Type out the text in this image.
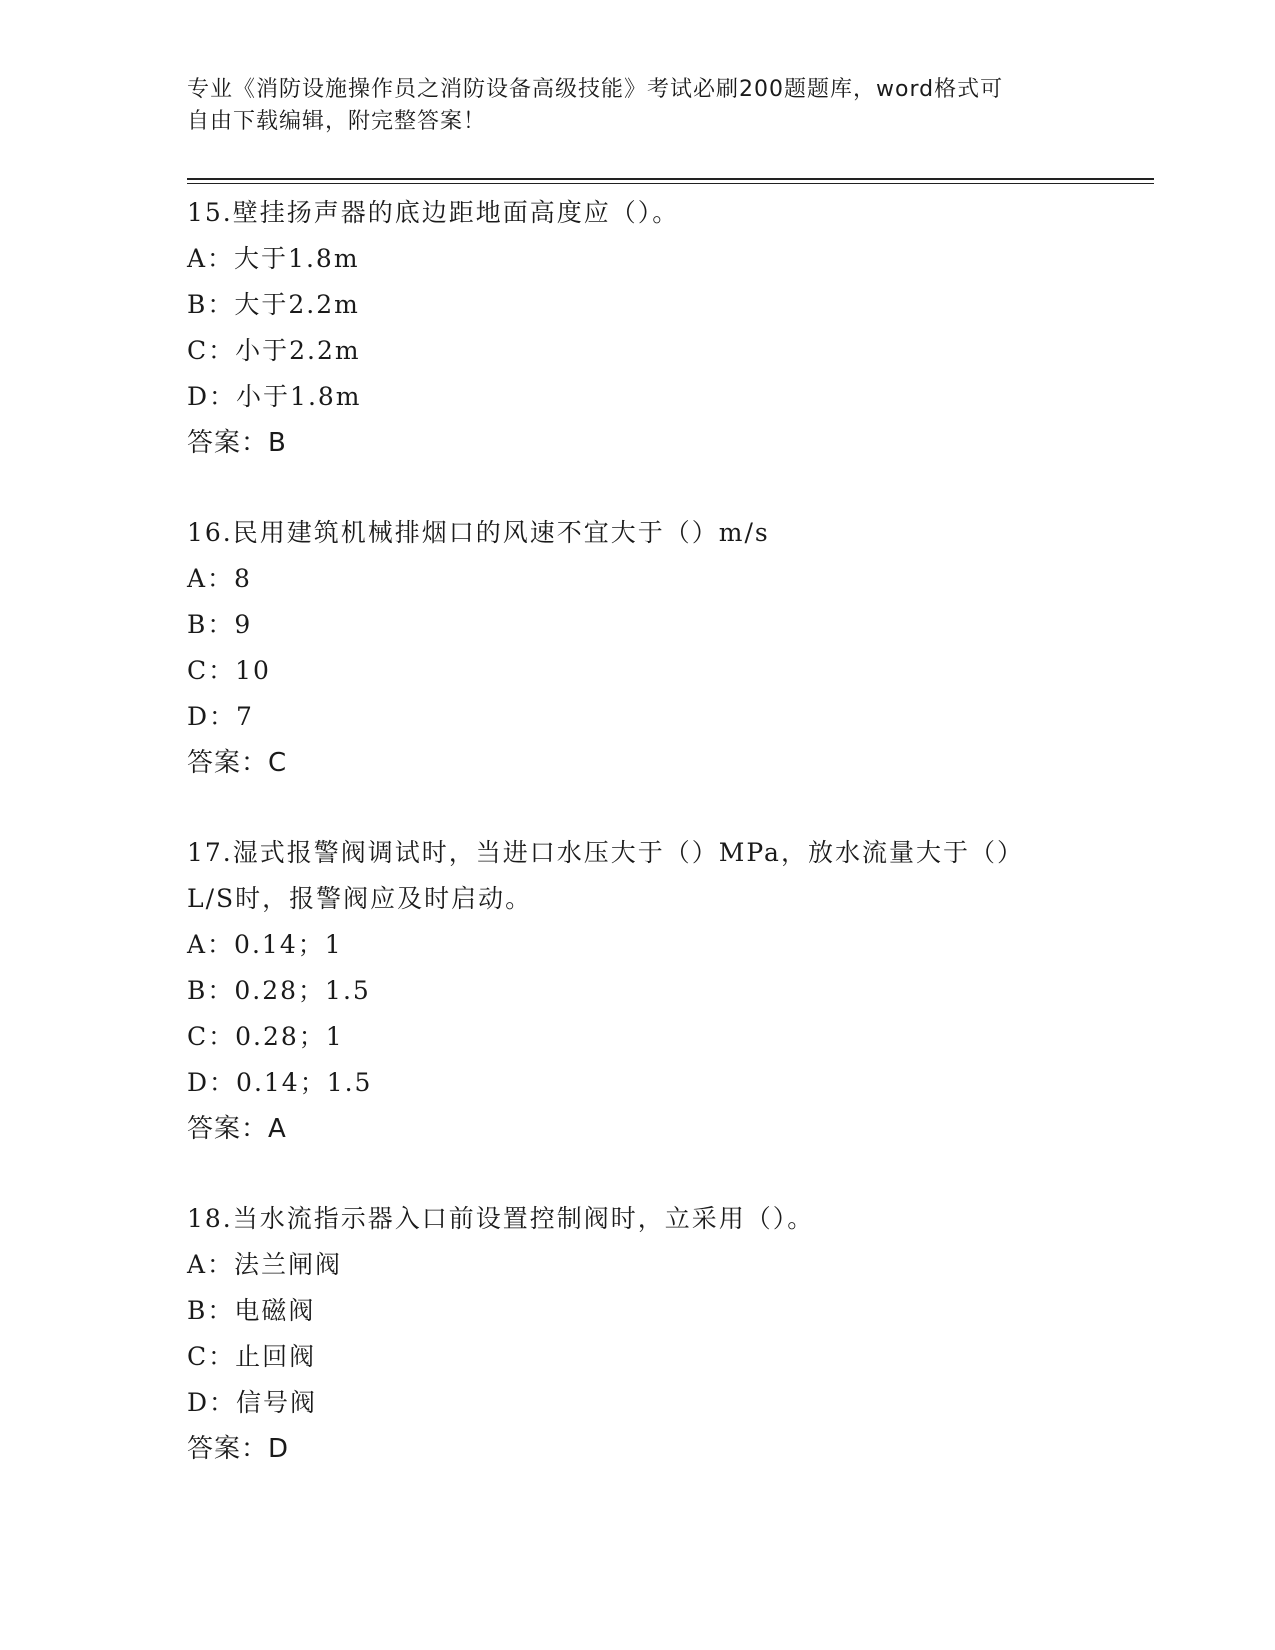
专业《消防设施操作员之消防设备高级技能》考试必刷200题题库，word格式可
自由下载编辑，附完整答案！
15.壁挂扬声器的底边距地面高度应（）。
A：大于1.8m
B：大于2.2m
C：小于2.2m
D：小于1.8m
答案：B
16.民用建筑机械排烟口的风速不宜大于（）m/s
A：8
B：9
C：10
D：7
答案：C
17.湿式报警阀调试时，当进口水压大于（）MPa，放水流量大于（）
L/S时，报警阀应及时启动。
A：0.14；1
B：0.28；1.5
C：0.28；1
D：0.14；1.5
答案：A
18.当水流指示器入口前设置控制阀时，立采用（）。
A：法兰闸阀
B：电磁阀
C：止回阀
D：信号阀
答案：D
